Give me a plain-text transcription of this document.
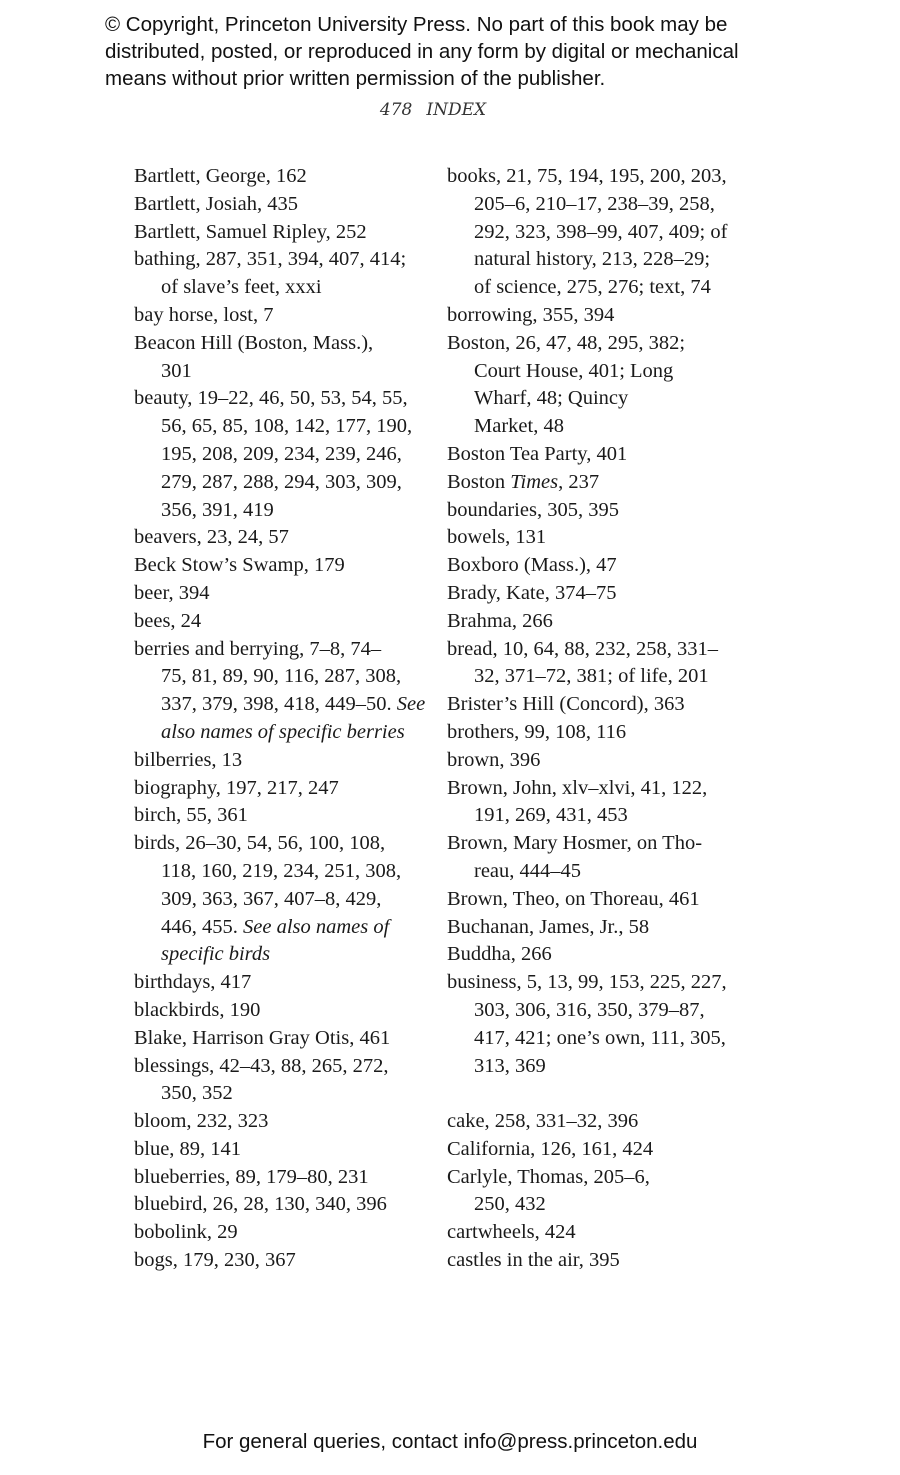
© Copyright, Princeton University Press. No part of this book may be
distributed, posted, or reproduced in any form by digital or mechanical
means without prior written permission of the publisher.
478 INDEX
Bartlett, George, 162
Bartlett, Josiah, 435
Bartlett, Samuel Ripley, 252
bathing, 287, 351, 394, 407, 414;
of slave’s feet, xxxi
bay horse, lost, 7
Beacon Hill (Boston, Mass.),
301
beauty, 19–22, 46, 50, 53, 54, 55,
56, 65, 85, 108, 142, 177, 190,
195, 208, 209, 234, 239, 246,
279, 287, 288, 294, 303, 309,
356, 391, 419
beavers, 23, 24, 57
Beck Stow’s Swamp, 179
beer, 394
bees, 24
berries and berrying, 7–8, 74–
75, 81, 89, 90, 116, 287, 308,
337, 379, 398, 418, 449–50. See
also names of specific berries
bilberries, 13
biography, 197, 217, 247
birch, 55, 361
birds, 26–30, 54, 56, 100, 108,
118, 160, 219, 234, 251, 308,
309, 363, 367, 407–8, 429,
446, 455. See also names of
specific birds
birthdays, 417
blackbirds, 190
Blake, Harrison Gray Otis, 461
blessings, 42–43, 88, 265, 272,
350, 352
bloom, 232, 323
blue, 89, 141
blueberries, 89, 179–80, 231
bluebird, 26, 28, 130, 340, 396
bobolink, 29
bogs, 179, 230, 367
books, 21, 75, 194, 195, 200, 203,
205–6, 210–17, 238–39, 258,
292, 323, 398–99, 407, 409; of
natural history, 213, 228–29;
of science, 275, 276; text, 74
borrowing, 355, 394
Boston, 26, 47, 48, 295, 382;
Court House, 401; Long
Wharf, 48; Quincy
Market, 48
Boston Tea Party, 401
Boston Times, 237
boundaries, 305, 395
bowels, 131
Boxboro (Mass.), 47
Brady, Kate, 374–75
Brahma, 266
bread, 10, 64, 88, 232, 258, 331–
32, 371–72, 381; of life, 201
Brister’s Hill (Concord), 363
brothers, 99, 108, 116
brown, 396
Brown, John, xlv–xlvi, 41, 122,
191, 269, 431, 453
Brown, Mary Hosmer, on Tho-
reau, 444–45
Brown, Theo, on Thoreau, 461
Buchanan, James, Jr., 58
Buddha, 266
business, 5, 13, 99, 153, 225, 227,
303, 306, 316, 350, 379–87,
417, 421; one’s own, 111, 305,
313, 369
cake, 258, 331–32, 396
California, 126, 161, 424
Carlyle, Thomas, 205–6,
250, 432
cartwheels, 424
castles in the air, 395
For general queries, contact info@press.princeton.edu
